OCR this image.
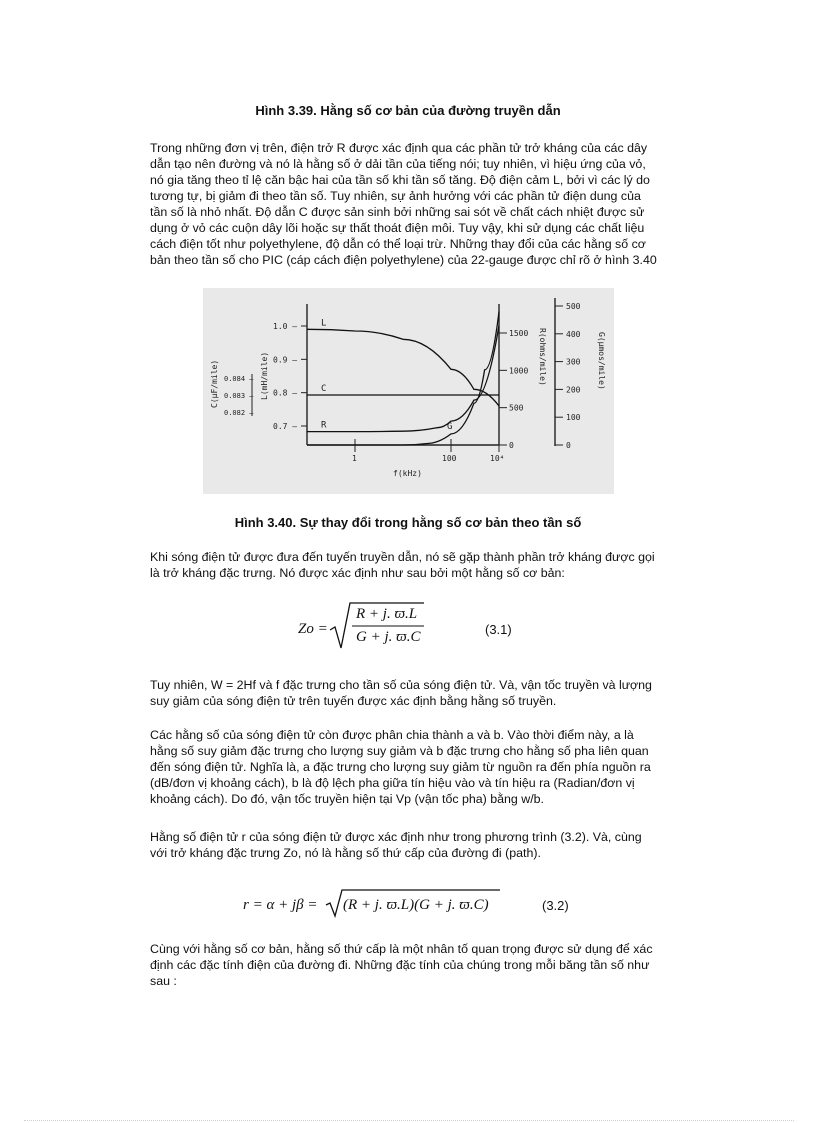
Hình 3.39. Hằng số cơ bản của đường truyền dẫn
Trong những đơn vị trên, điện trở R được xác định qua các phần tử trở kháng của các dây
dẫn tạo nên đường và nó là hằng số ở dải tần của tiếng nói; tuy nhiên, vì hiệu ứng của vỏ,
nó gia tăng theo tỉ lệ căn bậc hai của tần số khi tần số tăng. Độ điện cảm L, bởi vì các lý do
tương tự, bị giảm đi theo tần số. Tuy nhiên, sự ảnh hưởng với các phần tử điện dung của
tần số là nhỏ nhất. Độ dẫn C được sản sinh bởi những sai sót về chất cách nhiệt được sử
dụng ở vỏ các cuộn dây lõi hoặc sự thất thoát điện môi. Tuy vậy, khi sử dụng các chất liệu
cách điện tốt như polyethylene, độ dẫn có thể loại trừ. Những thay đổi của các hằng số cơ
bản theo tần số cho PIC (cáp cách điện polyethylene) của 22-gauge được chỉ rõ ở hình 3.40
1.0 —
0.9 —
0.8 —
0.7 —
L(mH/mile)
0.084 —
0.083 —
0.082 —
C(μF/mile)
1500
1000
500
0
R(ohms/mile)
500
400
300
200
100
0
G(μmos/mile)
1	100	10⁴
f(kHz)
L
C
R	G
Hình 3.40. Sự thay đổi trong hằng số cơ bản theo tần số
Khi sóng điện tử được đưa đến tuyến truyền dẫn, nó sẽ gặp thành phần trở kháng được gọi
là trở kháng đặc trưng. Nó được xác định như sau bởi một hằng số cơ bản:
Zo =
R + j. ϖ.L
G + j. ϖ.C	(3.1)
Tuy nhiên, W = 2Hf và f đặc trưng cho tần số của sóng điện tử. Và, vận tốc truyền và lượng
suy giảm của sóng điện tử trên tuyến được xác định bằng hằng số truyền.
Các hằng số của sóng điện tử còn được phân chia thành a và b. Vào thời điểm này, a là
hằng số suy giảm đặc trưng cho lượng suy giảm và b đặc trưng cho hằng số pha liên quan
đến sóng điện tử. Nghĩa là, a đặc trưng cho lượng suy giảm từ nguồn ra đến phía nguồn ra
(dB/đơn vị khoảng cách), b là độ lệch pha giữa tín hiệu vào và tín hiệu ra (Radian/đơn vị
khoảng cách). Do đó, vận tốc truyền hiện tại Vp (vận tốc pha) bằng w/b.
Hằng số điện tử r của sóng điện tử được xác định như trong phương trình (3.2). Và, cùng
với trở kháng đặc trưng Zo, nó là hằng số thứ cấp của đường đi (path).
r = α + jβ = (R + j. ϖ.L)(G + j. ϖ.C)	(3.2)
Cùng với hằng số cơ bản, hằng số thứ cấp là một nhân tố quan trọng được sử dụng để xác
định các đặc tính điện của đường đi. Những đặc tính của chúng trong mỗi băng tần số như
sau :
